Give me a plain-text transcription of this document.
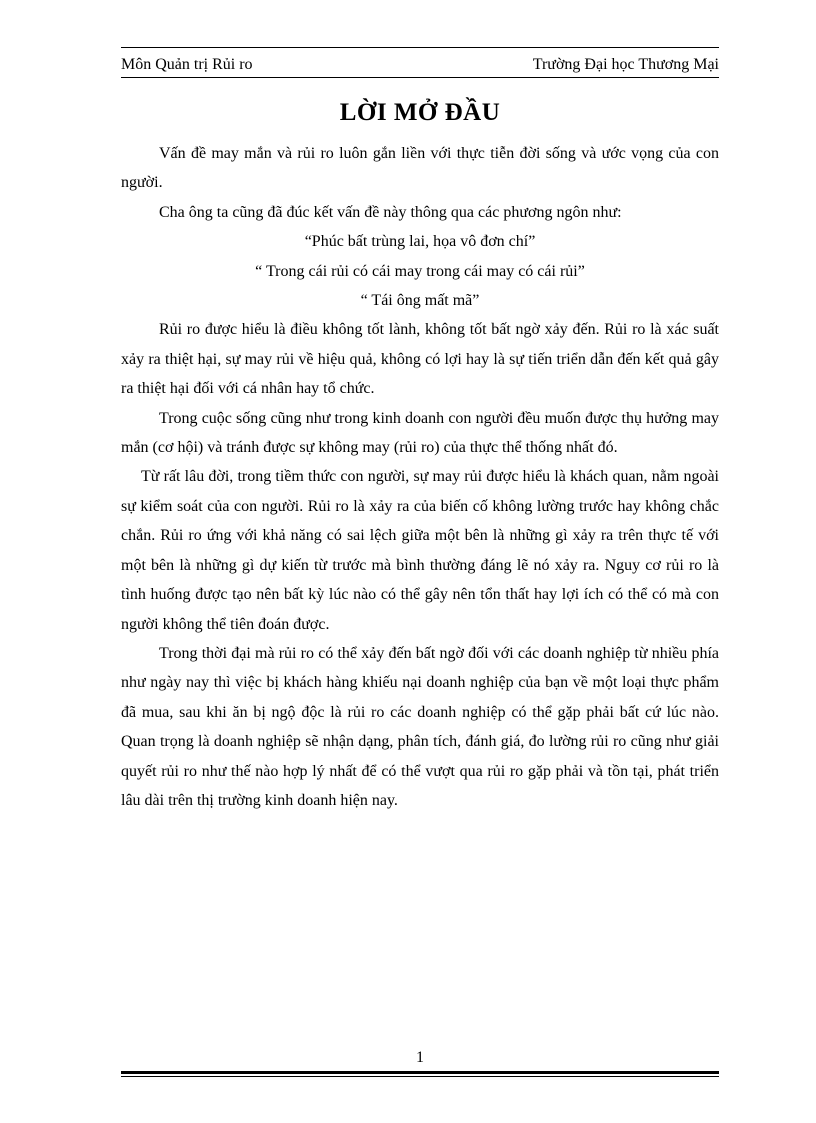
Môn Quản trị Rủi ro	Trường Đại học Thương Mại
LỜI MỞ ĐẦU

Vấn đề may mắn và rủi ro luôn gắn liền với thực tiễn đời sống và ước vọng của con người.

Cha ông ta cũng đã đúc kết vấn đề này thông qua các phương ngôn như:

“Phúc bất trùng lai, họa vô đơn chí”

“ Trong cái rủi có cái may trong cái may có cái rủi”

“ Tái ông mất mã”

Rủi ro được hiểu là điều không tốt lành, không tốt bất ngờ xảy đến. Rủi ro là xác suất xảy ra thiệt hại, sự may rủi về hiệu quả, không có lợi hay là sự tiến triển dẫn đến kết quả gây ra thiệt hại đối với cá nhân hay tổ chức.

Trong cuộc sống cũng như trong kinh doanh con người đều muốn được thụ hưởng may mắn (cơ hội) và tránh được sự không may (rủi ro) của thực thể thống nhất đó.

Từ rất lâu đời, trong tiềm thức con người, sự may rủi được hiểu là khách quan, nằm ngoài sự kiểm soát của con người. Rủi ro là xảy ra của biến cố không lường trước hay không chắc chắn. Rủi ro ứng với khả năng có sai lệch giữa một bên là những gì xảy ra trên thực tế với một bên là những gì dự kiến từ trước mà bình thường đáng lẽ nó xảy ra. Nguy cơ rủi ro là tình huống được tạo nên bất kỳ lúc nào có thể gây nên tổn thất hay lợi ích có thể có mà con người không thể tiên đoán được.

Trong thời đại mà rủi ro có thể xảy đến bất ngờ đối với các doanh nghiệp từ nhiều phía như ngày nay thì việc bị khách hàng khiếu nại doanh nghiệp của bạn về một loại thực phẩm đã mua, sau khi ăn bị ngộ độc là rủi ro các doanh nghiệp có thể gặp phải bất cứ lúc nào. Quan trọng là doanh nghiệp sẽ nhận dạng, phân tích, đánh giá, đo lường rủi ro cũng như giải quyết rủi ro như thế nào hợp lý nhất để có thể vượt qua rủi ro gặp phải và tồn tại, phát triển lâu dài trên thị trường kinh doanh hiện nay.

1
